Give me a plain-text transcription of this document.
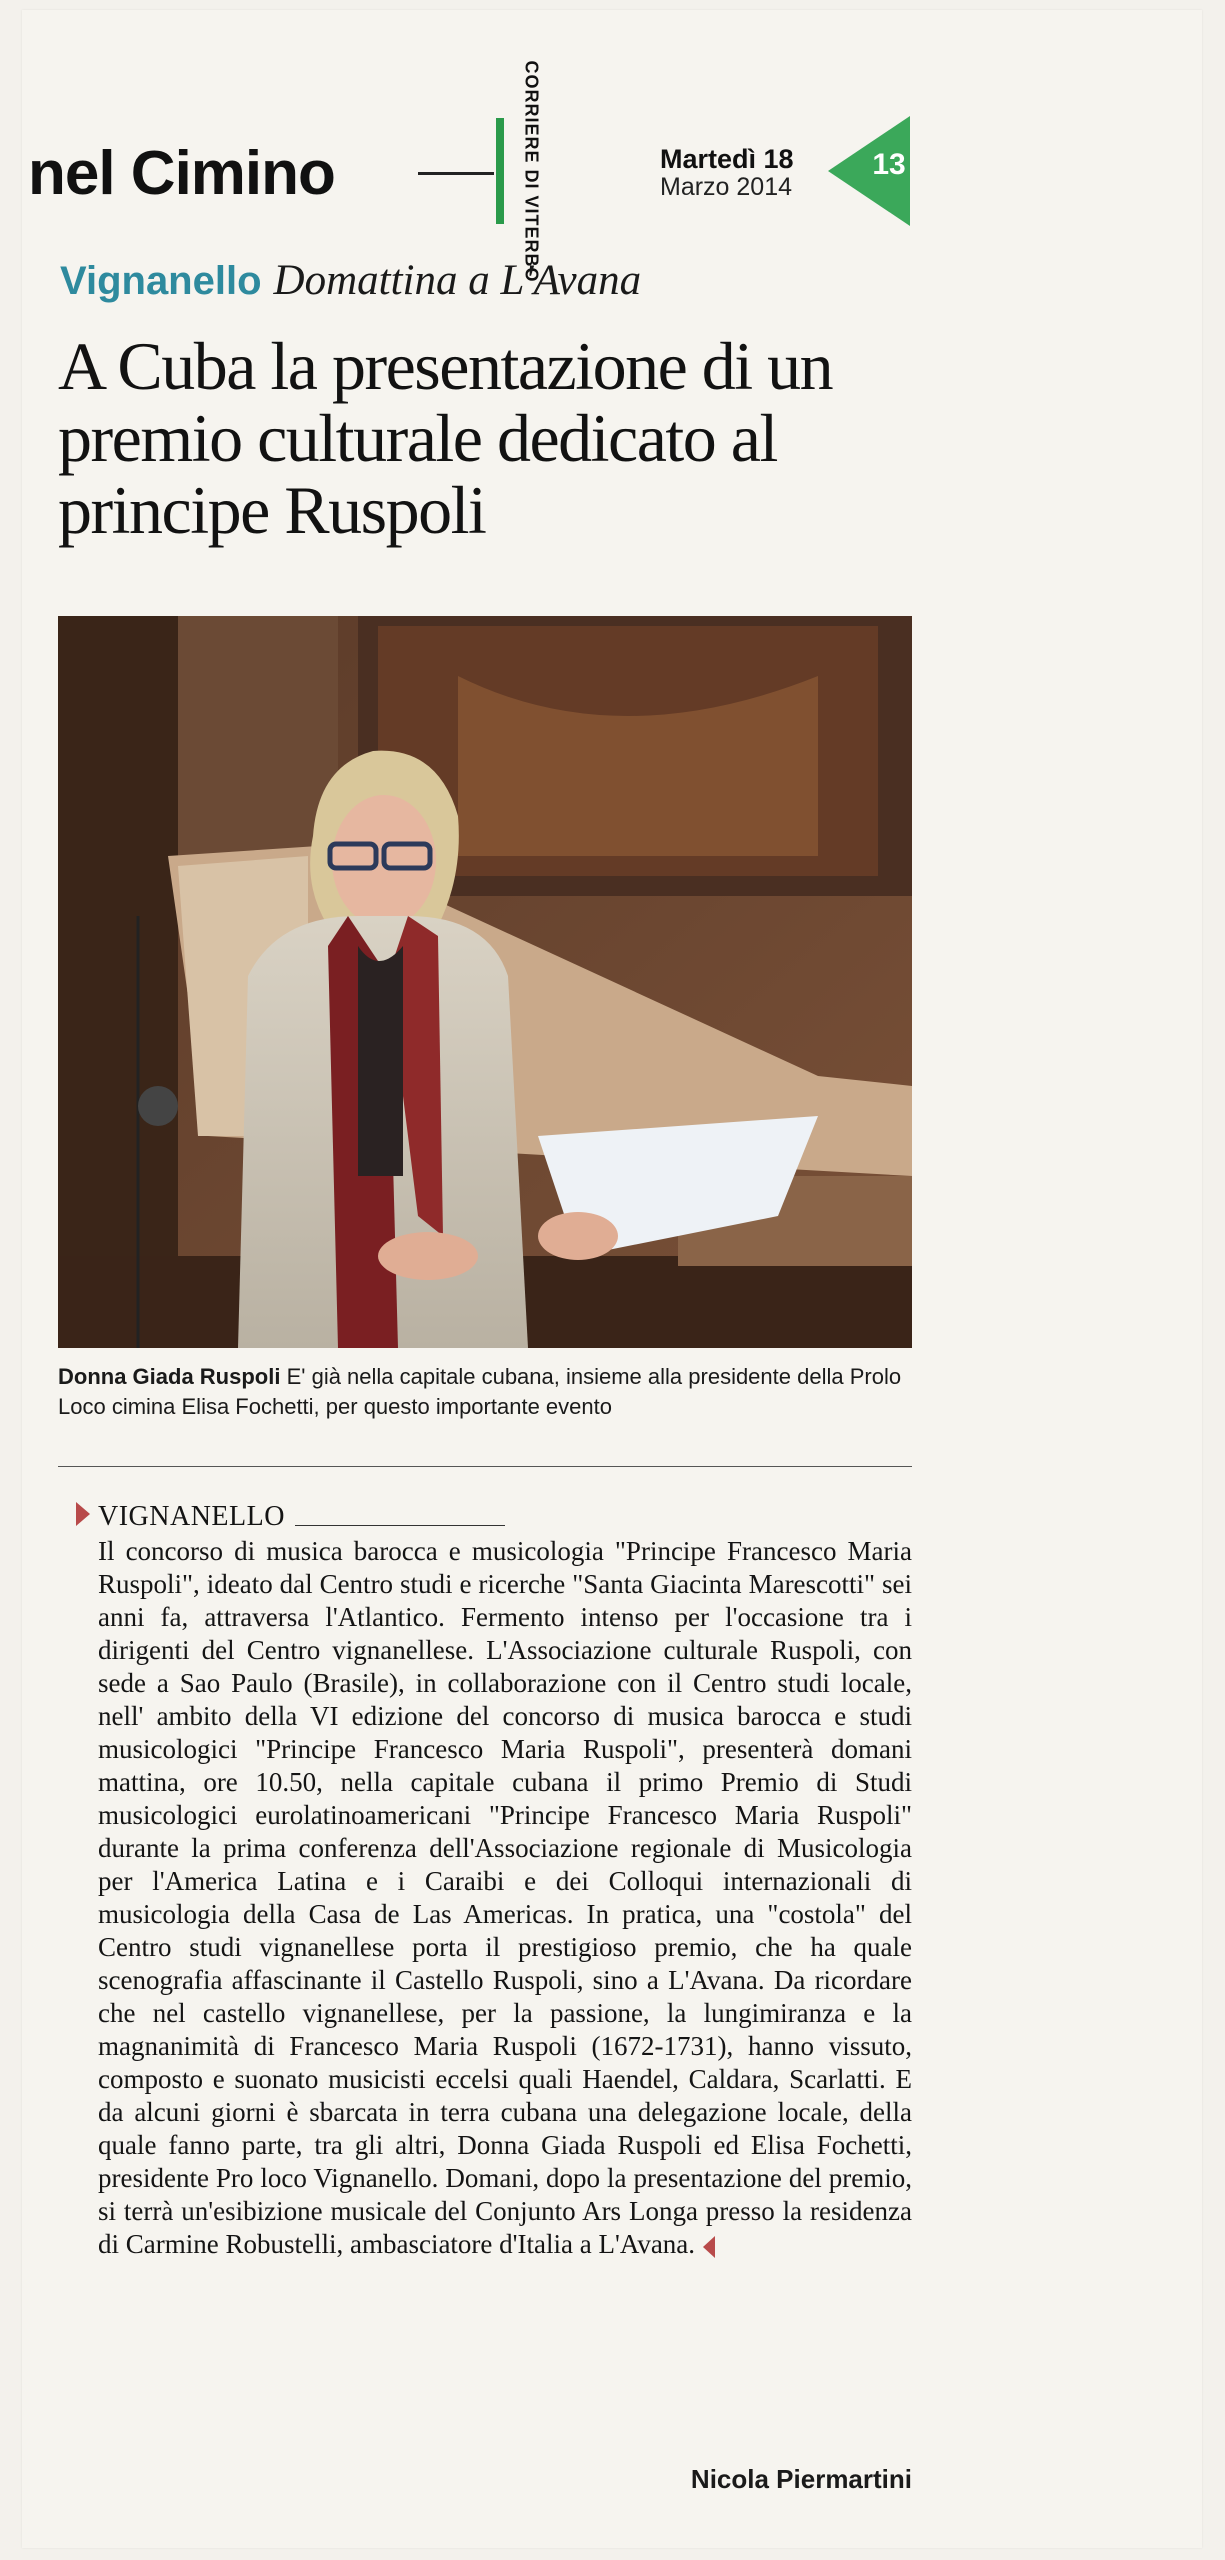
nel Cimino	CORRIERE DI VITERBO	Martedì 18
Marzo 2014
13
Vignanello Domattina a L'Avana
A Cuba la presentazione di un premio culturale dedicato al principe Ruspoli
Donna Giada Ruspoli E' già nella capitale cubana, insieme alla presidente della Prolo Loco cimina Elisa Fochetti, per questo importante evento
VIGNANELLO
Il concorso di musica barocca e musicologia "Principe Francesco Maria Ruspoli", ideato dal Centro studi e ricerche "Santa Giacinta Marescotti" sei anni fa, attraversa l'Atlantico. Fermento intenso per l'occasione tra i dirigenti del Centro vignanellese. L'Associazione culturale Ruspoli, con sede a Sao Paulo (Brasile), in collaborazione con il Centro studi locale, nell' ambito della VI edizione del concorso di musica barocca e studi musicologici "Principe Francesco Maria Ruspoli", presenterà domani mattina, ore 10.50, nella capitale cubana il primo Premio di Studi musicologici eurolatinoamericani "Principe Francesco Maria Ruspoli" durante la prima conferenza dell'Associazione regionale di Musicologia per l'America Latina e i Caraibi e dei Colloqui internazionali di musicologia della Casa de Las Americas. In pratica, una "costola" del Centro studi vignanellese porta il prestigioso premio, che ha quale scenografia affascinante il Castello Ruspoli, sino a L'Avana. Da ricordare che nel castello vignanellese, per la passione, la lungimiranza e la magnanimità di Francesco Maria Ruspoli (1672-1731), hanno vissuto, composto e suonato musicisti eccelsi quali Haendel, Caldara, Scarlatti. E da alcuni giorni è sbarcata in terra cubana una delegazione locale, della quale fanno parte, tra gli altri, Donna Giada Ruspoli ed Elisa Fochetti, presidente Pro loco Vignanello. Domani, dopo la presentazione del premio, si terrà un'esibizione musicale del Conjunto Ars Longa presso la residenza di Carmine Robustelli, ambasciatore d'Italia a L'Avana.
Nicola Piermartini
